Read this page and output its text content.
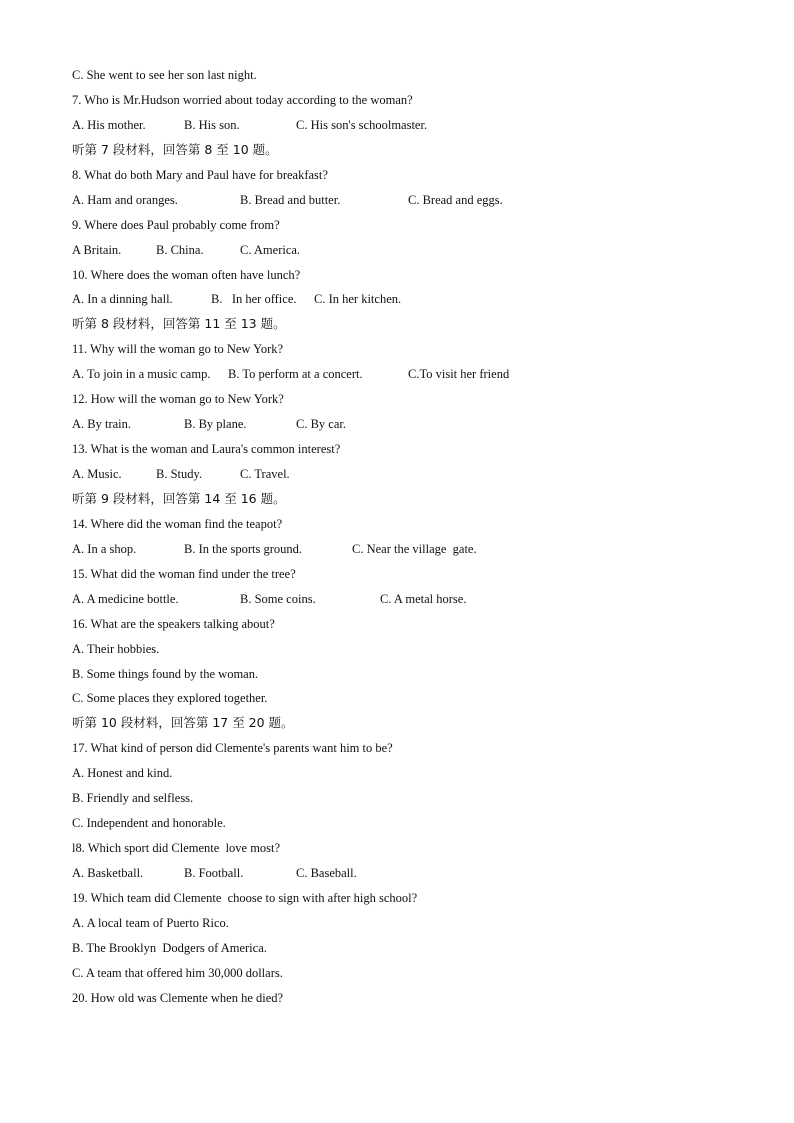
C. She went to see her son last night.
7. Who is Mr.Hudson worried about today according to the woman?
A. His mother.	B. His son.	C. His son's schoolmaster.
听第 7 段材料，回答第 8 至 10 题。
8. What do both Mary and Paul have for breakfast?
A. Ham and oranges.	B. Bread and butter.	C. Bread and eggs.
9. Where does Paul probably come from?
A Britain.	B. China.	C. America.
10. Where does the woman often have lunch?
A. In a dinning hall.	B.   In her office. C. In her kitchen.
听第 8 段材料，回答第 11 至 13 题。
11. Why will the woman go to New York?
A. To join in a music camp. B. To perform at a concert.	C.To visit her friend
12. How will the woman go to New York?
A. By train.	B. By plane.	C. By car.
13. What is the woman and Laura's common interest?
A. Music.	B. Study.	C. Travel.
听第 9 段材料，回答第 14 至 16 题。
14. Where did the woman find the teapot?
A. In a shop.	B. In the sports ground.	C. Near the village  gate.
15. What did the woman find under the tree?
A. A medicine bottle.	B. Some coins.	C. A metal horse.
16. What are the speakers talking about?
A. Their hobbies.
B. Some things found by the woman.
C. Some places they explored together.
听第 10 段材料，回答第 17 至 20 题。
17. What kind of person did Clemente's parents want him to be?
A. Honest and kind.
B. Friendly and selfless.
C. Independent and honorable.
l8. Which sport did Clemente  love most?
A. Basketball.	B. Football.	C. Baseball.
19. Which team did Clemente  choose to sign with after high school?
A. A local team of Puerto Rico.
B. The Brooklyn  Dodgers of America.
C. A team that offered him 30,000 dollars.
20. How old was Clemente when he died?
